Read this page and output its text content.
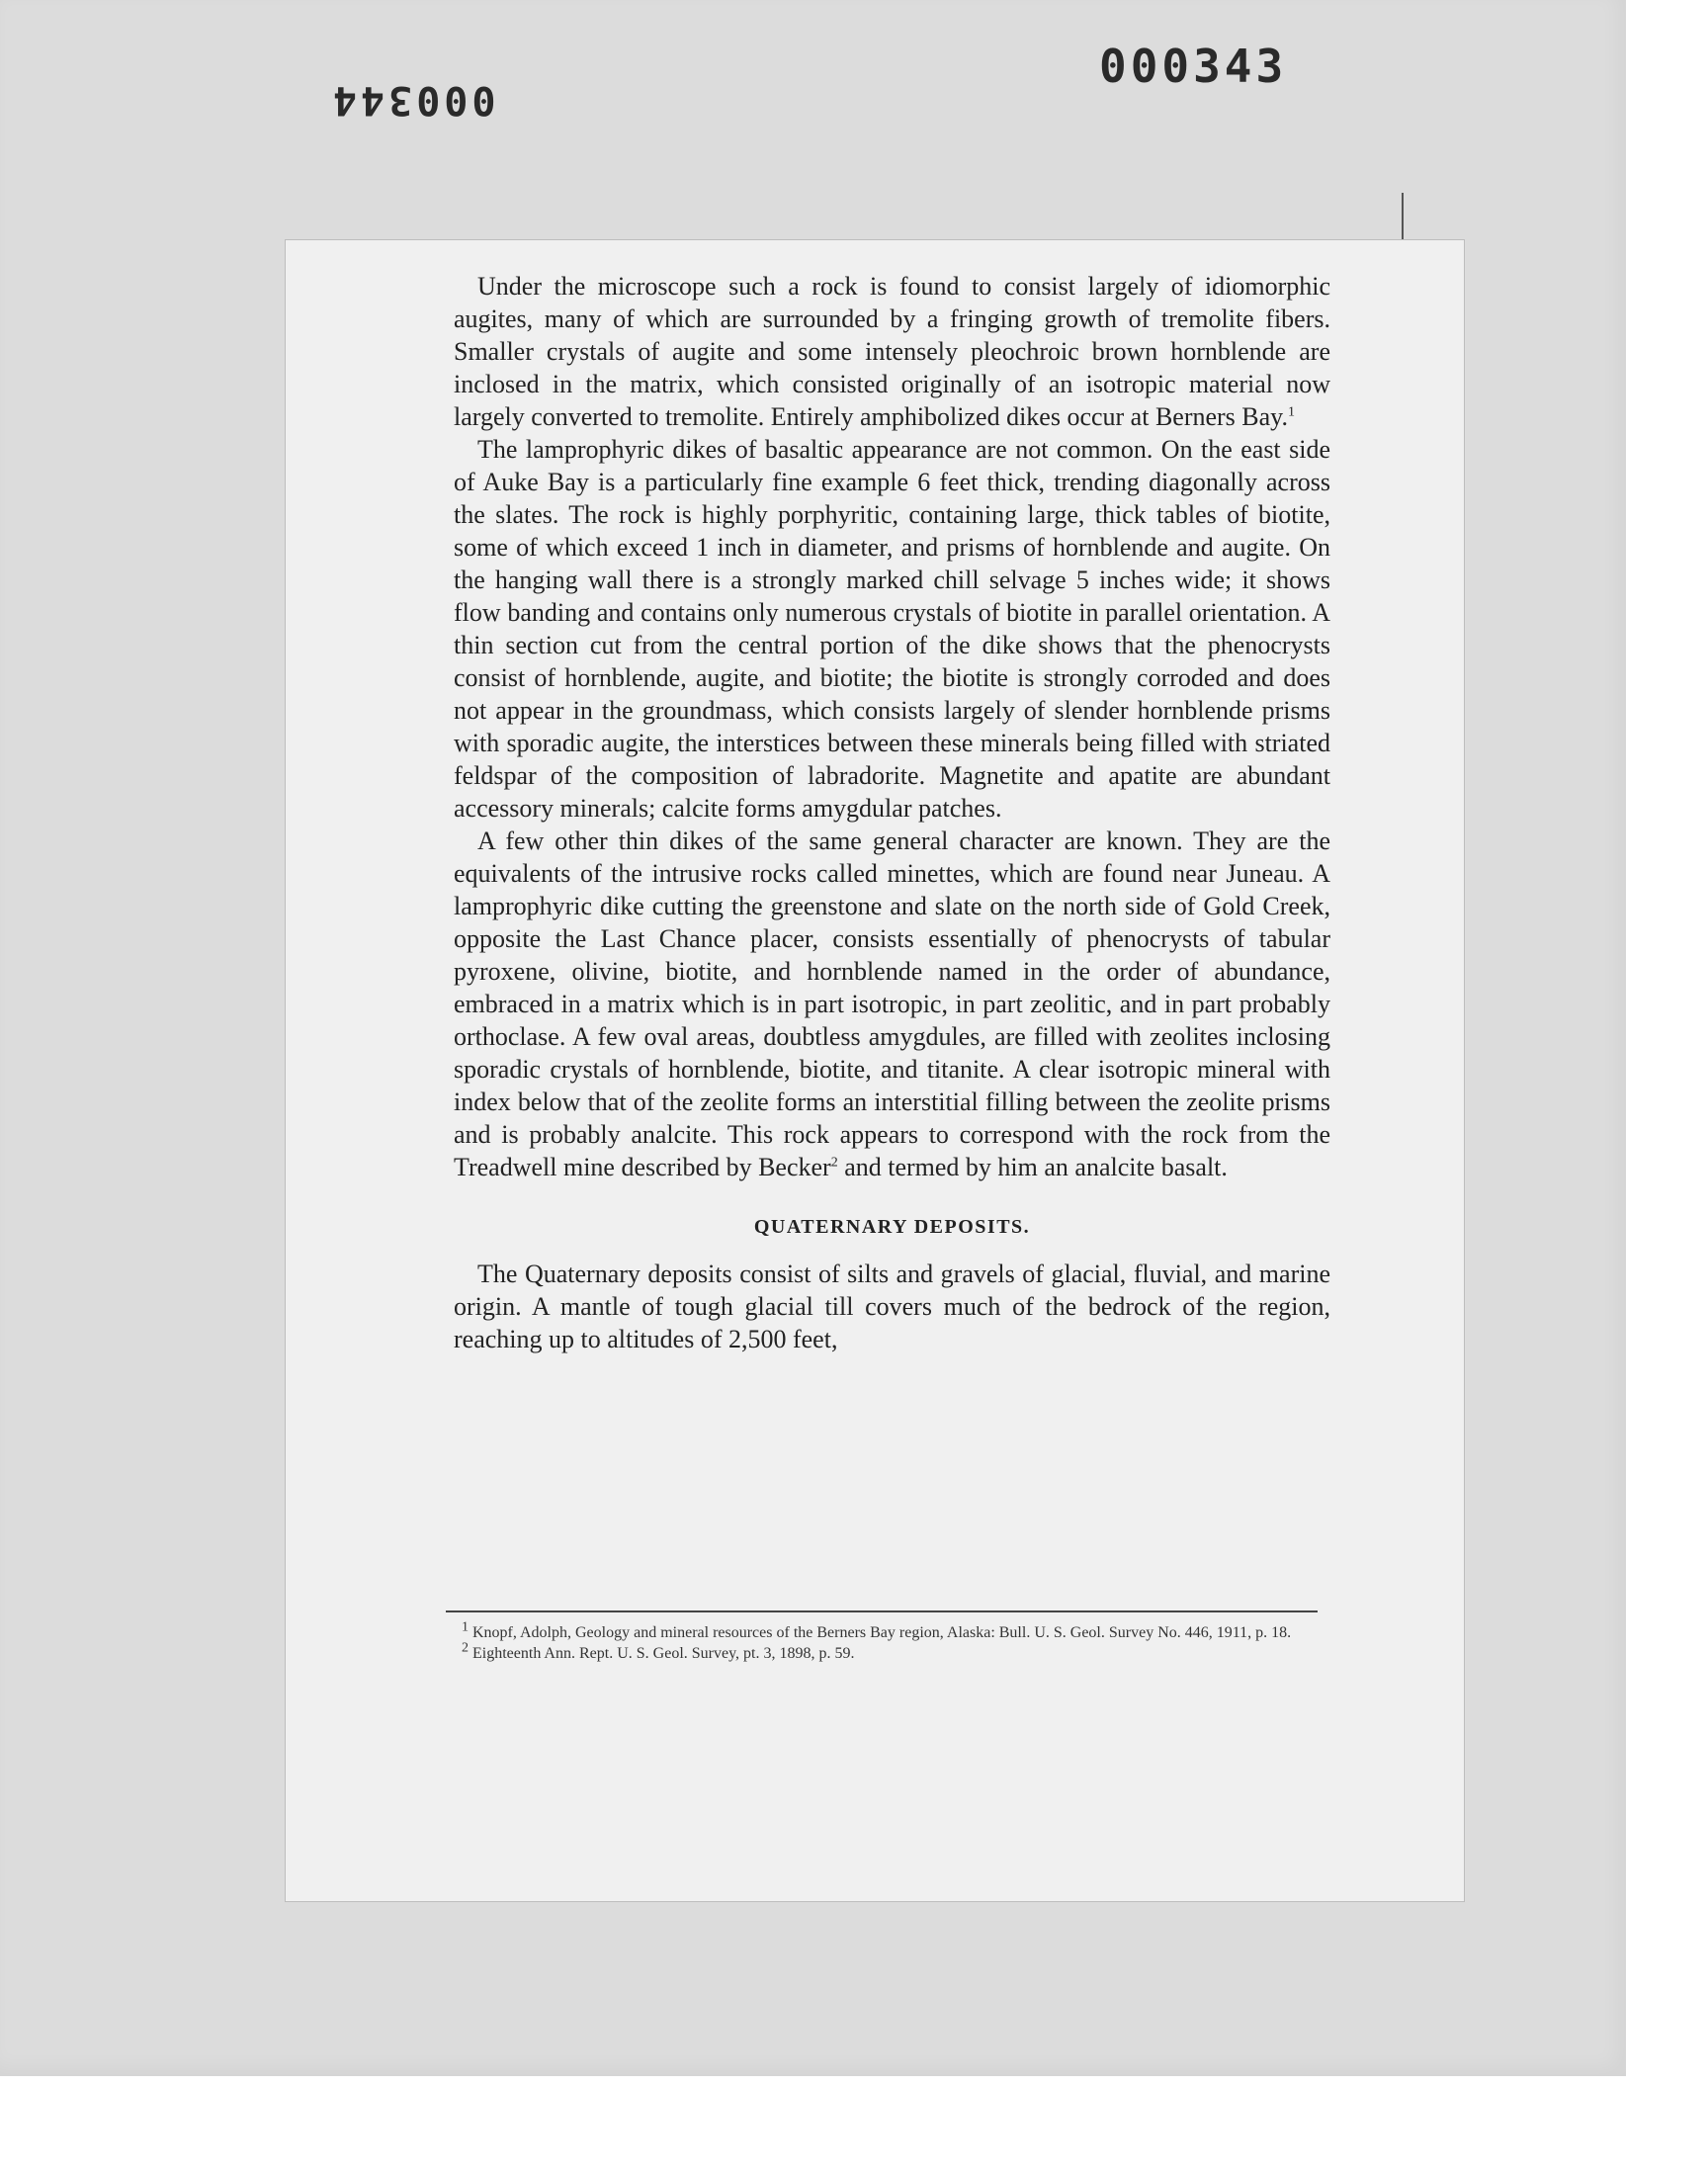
000344
000343

Under the microscope such a rock is found to consist largely of idiomorphic augites, many of which are surrounded by a fringing growth of tremolite fibers. Smaller crystals of augite and some intensely pleochroic brown hornblende are inclosed in the matrix, which consisted originally of an isotropic material now largely converted to tremolite. Entirely amphibolized dikes occur at Berners Bay.$^1$

The lamprophyric dikes of basaltic appearance are not common. On the east side of Auke Bay is a particularly fine example 6 feet thick, trending diagonally across the slates. The rock is highly porphyritic, containing large, thick tables of biotite, some of which exceed 1 inch in diameter, and prisms of hornblende and augite. On the hanging wall there is a strongly marked chill selvage 5 inches wide; it shows flow banding and contains only numerous crystals of biotite in parallel orientation. A thin section cut from the central portion of the dike shows that the phenocrysts consist of hornblende, augite, and biotite; the biotite is strongly corroded and does not appear in the groundmass, which consists largely of slender hornblende prisms with sporadic augite, the interstices between these minerals being filled with striated feldspar of the composition of labradorite. Magnetite and apatite are abundant accessory minerals; calcite forms amygdular patches.

A few other thin dikes of the same general character are known. They are the equivalents of the intrusive rocks called minettes, which are found near Juneau. A lamprophyric dike cutting the greenstone and slate on the north side of Gold Creek, opposite the Last Chance placer, consists essentially of phenocrysts of tabular pyroxene, olivine, biotite, and hornblende named in the order of abundance, embraced in a matrix which is in part isotropic, in part zeolitic, and in part probably orthoclase. A few oval areas, doubtless amygdules, are filled with zeolites inclosing sporadic crystals of hornblende, biotite, and titanite. A clear isotropic mineral with index below that of the zeolite forms an interstitial filling between the zeolite prisms and is probably analcite. This rock appears to correspond with the rock from the Treadwell mine described by Becker$^2$ and termed by him an analcite basalt.

QUATERNARY DEPOSITS.

The Quaternary deposits consist of silts and gravels of glacial, fluvial, and marine origin. A mantle of tough glacial till covers much of the bedrock of the region, reaching up to altitudes of 2,500 feet,

$^1$ Knopf, Adolph, Geology and mineral resources of the Berners Bay region, Alaska: Bull. U. S. Geol. Survey No. 446, 1911, p. 18.

$^2$ Eighteenth Ann. Rept. U. S. Geol. Survey, pt. 3, 1898, p. 59.
